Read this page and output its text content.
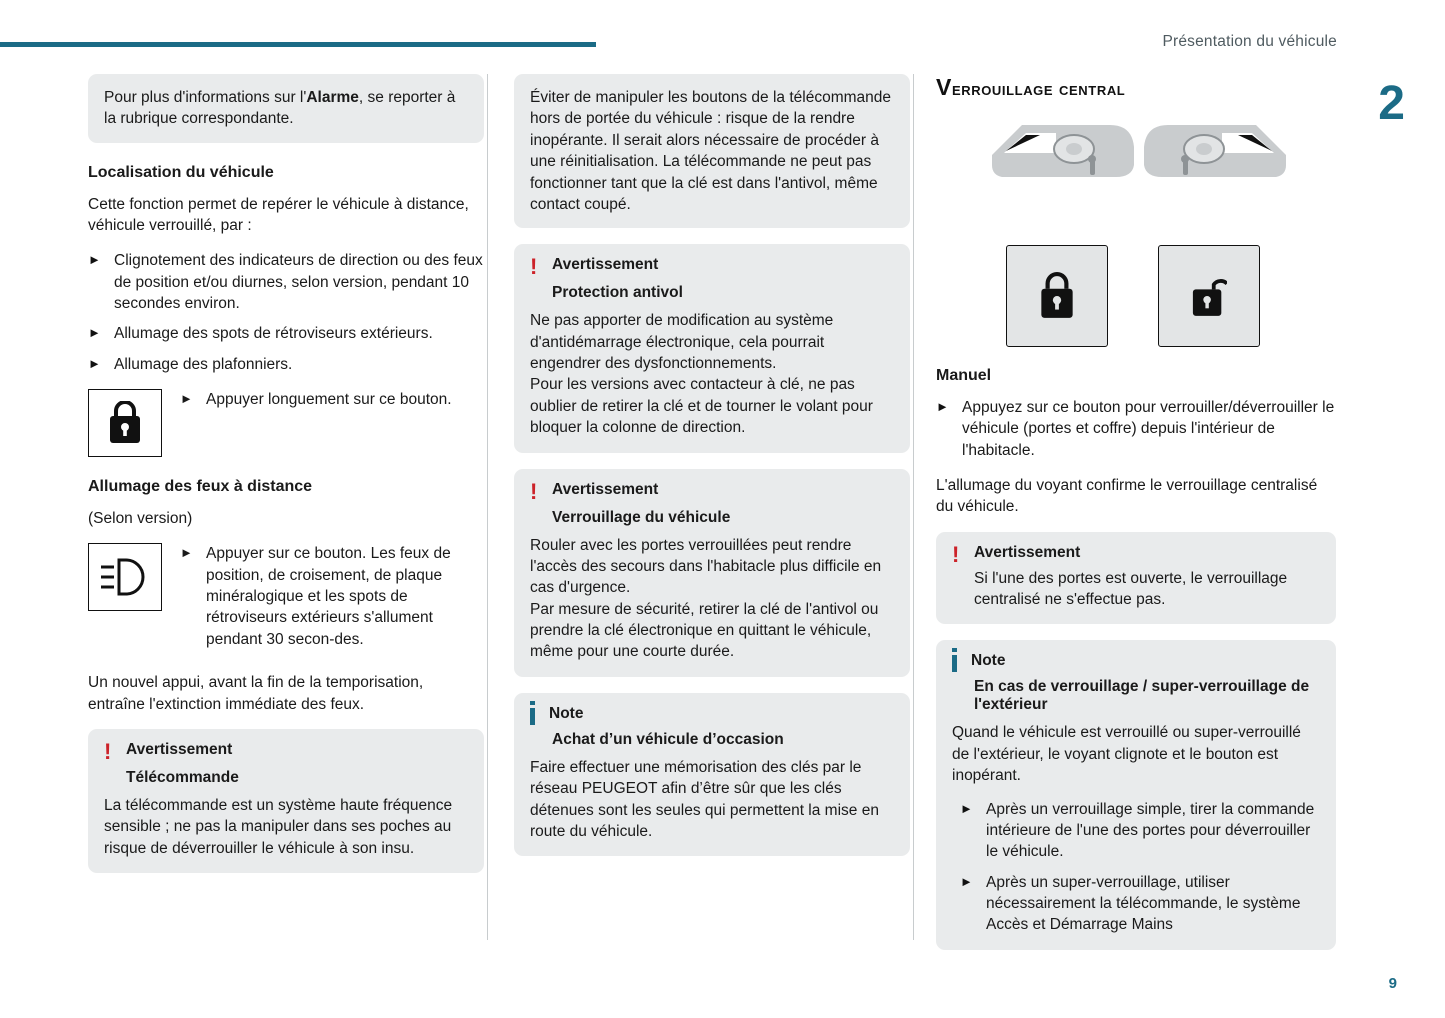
Présentation du véhicule
2
9
Pour plus d'informations sur l'Alarme, se reporter à la rubrique correspondante.
Localisation du véhicule

Cette fonction permet de repérer le véhicule à distance, véhicule verrouillé, par :

► Clignotement des indicateurs de direction ou des feux de position et/ou diurnes, selon version, pendant 10 secondes environ.
► Allumage des spots de rétroviseurs extérieurs.
► Allumage des plafonniers.
► Appuyer longuement sur ce bouton.
Allumage des feux à distance

(Selon version)

► Appuyer sur ce bouton. Les feux de position, de croisement, de plaque minéralogique et les spots de rétroviseurs extérieurs s'allument pendant 30 secon-des.

Un nouvel appui, avant la fin de la temporisation, entraîne l'extinction immédiate des feux.

! Avertissement
Télécommande
La télécommande est un système haute fréquence sensible ; ne pas la manipuler dans ses poches au risque de déverrouiller le véhicule à son insu.
Éviter de manipuler les boutons de la télécommande hors de portée du véhicule : risque de la rendre inopérante. Il serait alors nécessaire de procéder à une réinitialisation. La télécommande ne peut pas fonctionner tant que la clé est dans l'antivol, même contact coupé.
! Avertissement
Protection antivol
Ne pas apporter de modification au système d'antidémarrage électronique, cela pourrait engendrer des dysfonctionnements.
Pour les versions avec contacteur à clé, ne pas oublier de retirer la clé et de tourner le volant pour bloquer la colonne de direction.
! Avertissement
Verrouillage du véhicule
Rouler avec les portes verrouillées peut rendre l'accès des secours dans l'habitacle plus difficile en cas d'urgence.
Par mesure de sécurité, retirer la clé de l'antivol ou prendre la clé électronique en quittant le véhicule, même pour une courte durée.
Note
Achat d’un véhicule d’occasion
Faire effectuer une mémorisation des clés par le réseau PEUGEOT afin d’être sûr que les clés détenues sont les seules qui permettent la mise en route du véhicule.
Verrouillage central
Manuel
► Appuyez sur ce bouton pour verrouiller/déverrouiller le véhicule (portes et coffre) depuis l'intérieur de l'habitacle.

L'allumage du voyant confirme le verrouillage centralisé du véhicule.

! Avertissement
Si l'une des portes est ouverte, le verrouillage centralisé ne s'effectue pas.
Note
En cas de verrouillage / super-verrouillage de l'extérieur
Quand le véhicule est verrouillé ou super-verrouillé de l'extérieur, le voyant clignote et le bouton est inopérant.
► Après un verrouillage simple, tirer la commande intérieure de l'une des portes pour déverrouiller le véhicule.
► Après un super-verrouillage, utiliser nécessairement la télécommande, le système Accès et Démarrage Mains
